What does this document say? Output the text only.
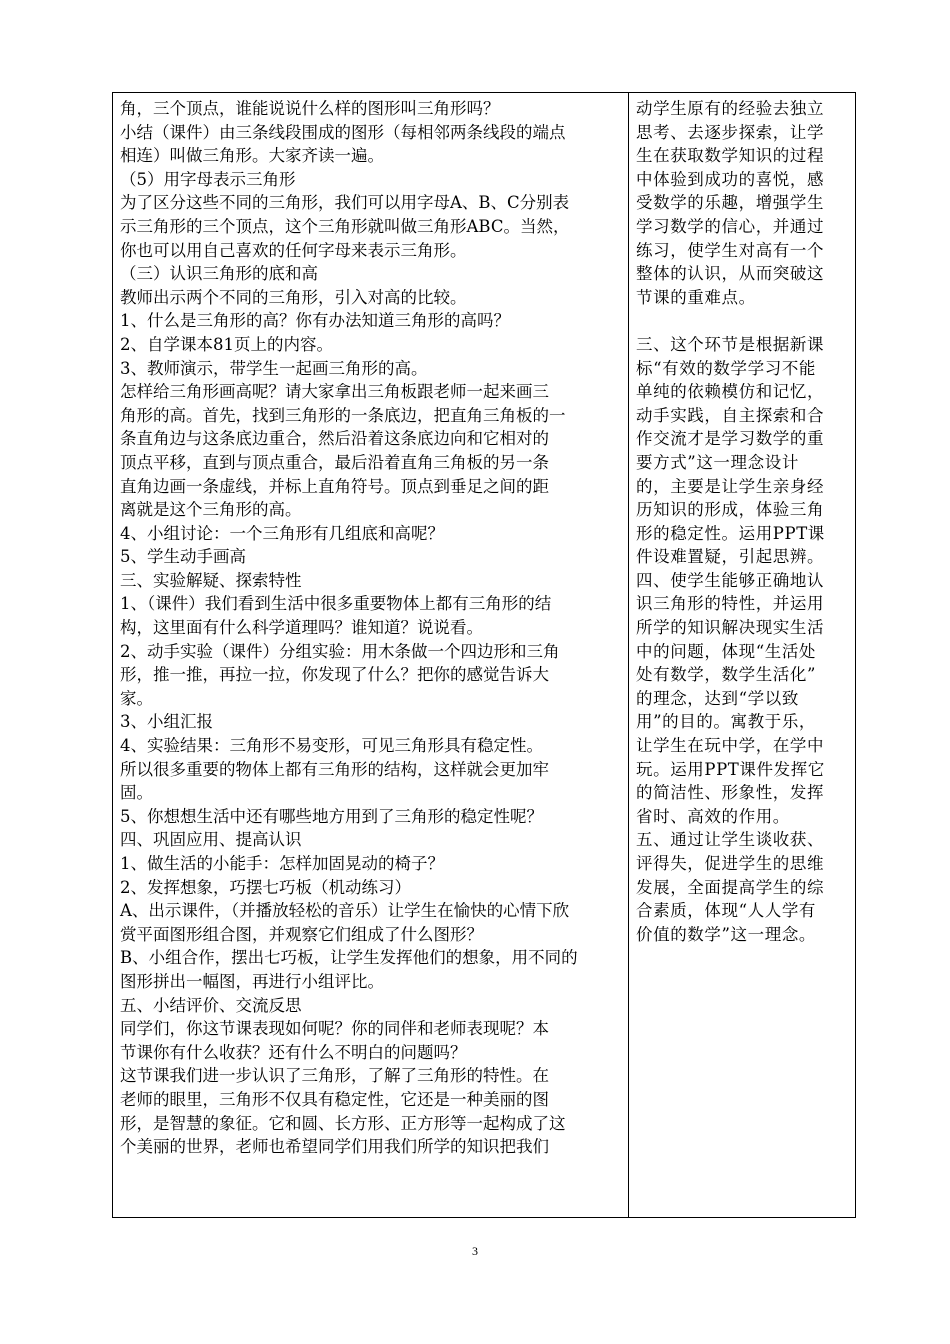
角，三个顶点，谁能说说什么样的图形叫三角形吗？
小结（课件）由三条线段围成的图形（每相邻两条线段的端点
相连）叫做三角形。大家齐读一遍。
（5）用字母表示三角形
为了区分这些不同的三角形，我们可以用字母A、B、C分别表
示三角形的三个顶点，这个三角形就叫做三角形ABC。当然，
你也可以用自己喜欢的任何字母来表示三角形。
（三）认识三角形的底和高
教师出示两个不同的三角形，引入对高的比较。
1、什么是三角形的高？你有办法知道三角形的高吗？
2、自学课本81页上的内容。
3、教师演示，带学生一起画三角形的高。
怎样给三角形画高呢？请大家拿出三角板跟老师一起来画三
角形的高。首先，找到三角形的一条底边，把直角三角板的一
条直角边与这条底边重合，然后沿着这条底边向和它相对的
顶点平移，直到与顶点重合，最后沿着直角三角板的另一条
直角边画一条虚线，并标上直角符号。顶点到垂足之间的距
离就是这个三角形的高。
4、小组讨论：一个三角形有几组底和高呢？
5、学生动手画高
三、实验解疑、探索特性
1、（课件）我们看到生活中很多重要物体上都有三角形的结
构，这里面有什么科学道理吗？谁知道？说说看。
2、动手实验（课件）分组实验：用木条做一个四边形和三角
形，推一推，再拉一拉，你发现了什么？把你的感觉告诉大
家。
3、小组汇报
4、实验结果：三角形不易变形，可见三角形具有稳定性。
所以很多重要的物体上都有三角形的结构，这样就会更加牢
固。
5、你想想生活中还有哪些地方用到了三角形的稳定性呢？
四、巩固应用、提高认识
1、做生活的小能手：怎样加固晃动的椅子？
2、发挥想象，巧摆七巧板（机动练习）
A、出示课件，（并播放轻松的音乐）让学生在愉快的心情下欣
赏平面图形组合图，并观察它们组成了什么图形？
B、小组合作，摆出七巧板，让学生发挥他们的想象，用不同的
图形拼出一幅图，再进行小组评比。
五、小结评价、交流反思
同学们，你这节课表现如何呢？你的同伴和老师表现呢？本
节课你有什么收获？还有什么不明白的问题吗？
这节课我们进一步认识了三角形，了解了三角形的特性。在
老师的眼里，三角形不仅具有稳定性，它还是一种美丽的图
形，是智慧的象征。它和圆、长方形、正方形等一起构成了这
个美丽的世界，老师也希望同学们用我们所学的知识把我们
动学生原有的经验去独立
思考、去逐步探索，让学
生在获取数学知识的过程
中体验到成功的喜悦，感
受数学的乐趣，增强学生
学习数学的信心，并通过
练习，使学生对高有一个
整体的认识，从而突破这
节课的重难点。

三、这个环节是根据新课
标“有效的数学学习不能
单纯的依赖模仿和记忆，
动手实践，自主探索和合
作交流才是学习数学的重
要方式”这一理念设计
的，主要是让学生亲身经
历知识的形成，体验三角
形的稳定性。运用PPT课
件设难置疑，引起思辨。
四、使学生能够正确地认
识三角形的特性，并运用
所学的知识解决现实生活
中的问题，体现“生活处
处有数学，数学生活化”
的理念，达到“学以致
用”的目的。寓教于乐，
让学生在玩中学，在学中
玩。运用PPT课件发挥它
的简洁性、形象性，发挥
省时、高效的作用。
五、通过让学生谈收获、
评得失，促进学生的思维
发展，全面提高学生的综
合素质，体现“人人学有
价值的数学”这一理念。
3
